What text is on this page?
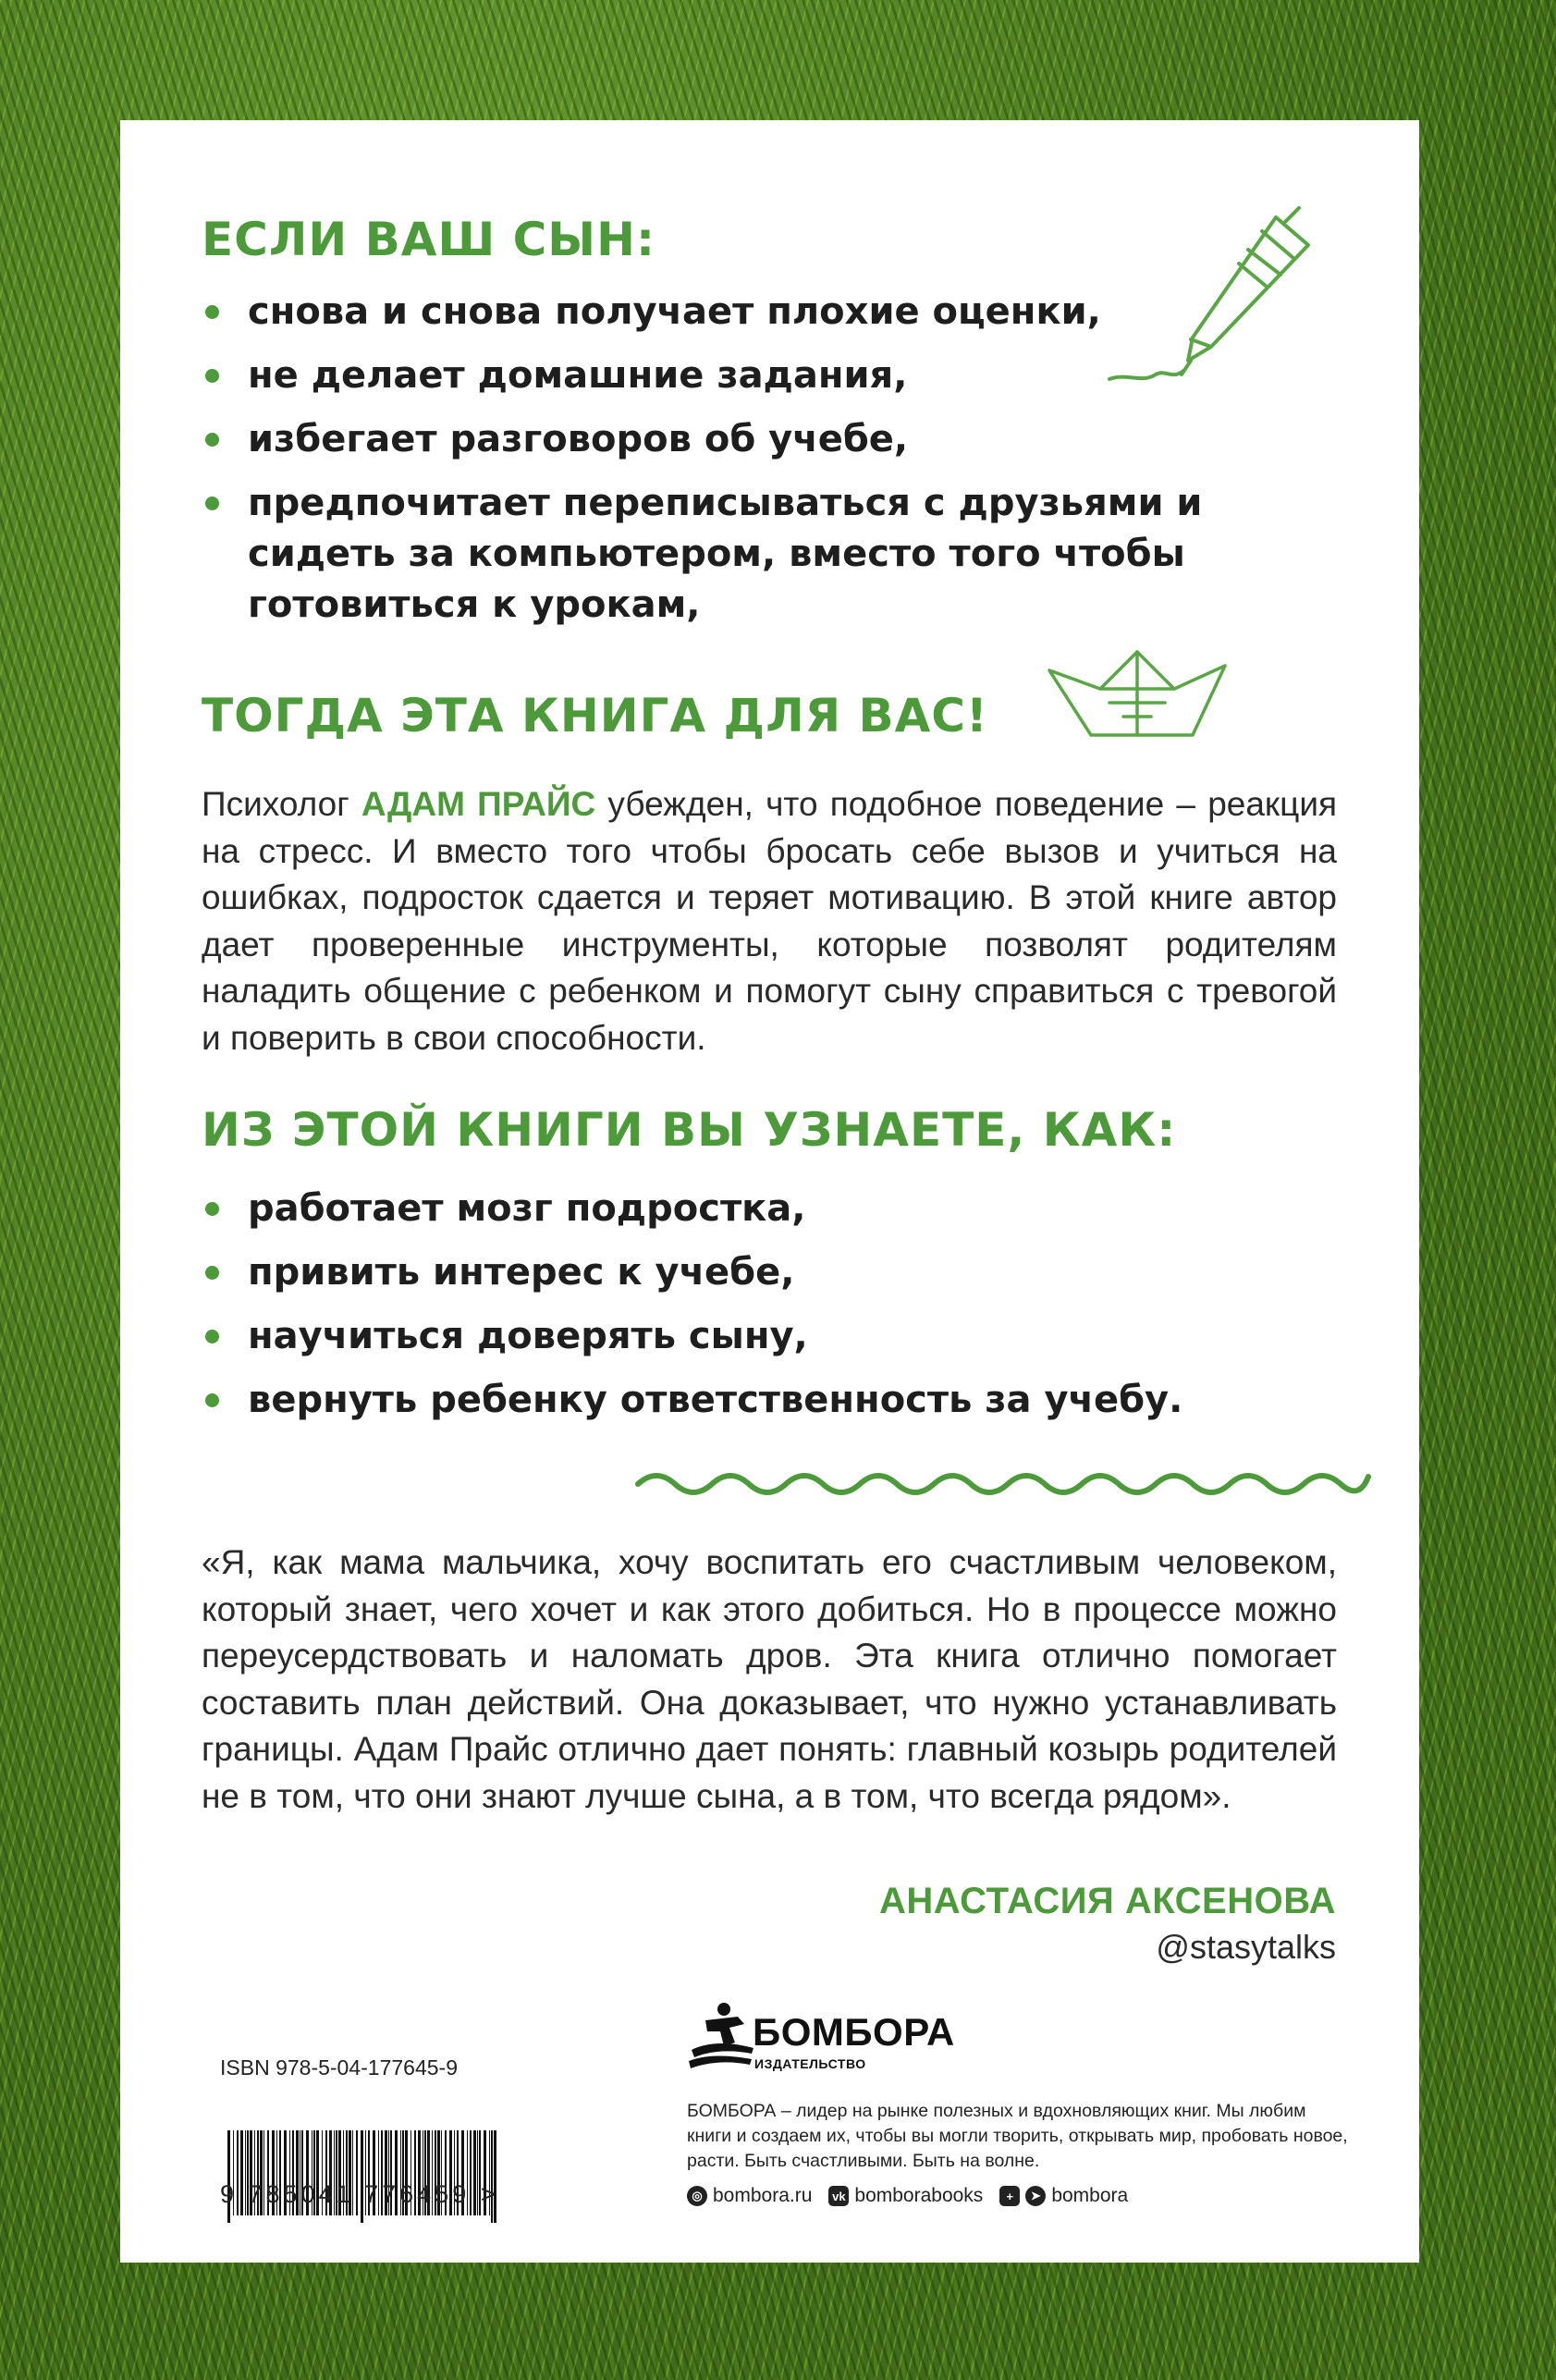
ЕСЛИ ВАШ СЫН:
снова и снова получает плохие оценки,
не делает домашние задания,
избегает разговоров об учебе,
предпочитает переписываться с друзьями и сидеть за компьютером, вместо того чтобы готовиться к урокам,
ТОГДА ЭТА КНИГА ДЛЯ ВАС!

Психолог АДАМ ПРАЙС убежден, что подобное поведение – реакция на стресс. И вместо того чтобы бросать себе вызов и учиться на ошибках, подросток сдается и теряет мотивацию. В этой книге автор дает проверенные инструменты, которые позволят родителям наладить общение с ребенком и помогут сыну справиться с тревогой и поверить в свои способности.

ИЗ ЭТОЙ КНИГИ ВЫ УЗНАЕТЕ, КАК:
работает мозг подростка,
привить интерес к учебе,
научиться доверять сыну,
вернуть ребенку ответственность за учебу.

«Я, как мама мальчика, хочу воспитать его счастливым человеком, который знает, чего хочет и как этого добиться. Но в процессе можно переусердствовать и наломать дров. Эта книга отлично помогает составить план действий. Она доказывает, что нужно устанавливать границы. Адам Прайс отлично дает понять: главный козырь родителей не в том, что они знают лучше сына, а в том, что всегда рядом».

АНАСТАСИЯ АКСЕНОВА
@stasytalks
ISBN 978-5-04-177645-9
9 785041 776459 >
БОМБОРА
ИЗДАТЕЛЬСТВО

БОМБОРА – лидер на рынке полезных и вдохновляющих книг. Мы любим книги и создаем их, чтобы вы могли творить, открывать мир, пробовать новое, расти. Быть счастливыми. Быть на волне.

◎ bombora.ru vk bomborabooks	+	➤ bombora
